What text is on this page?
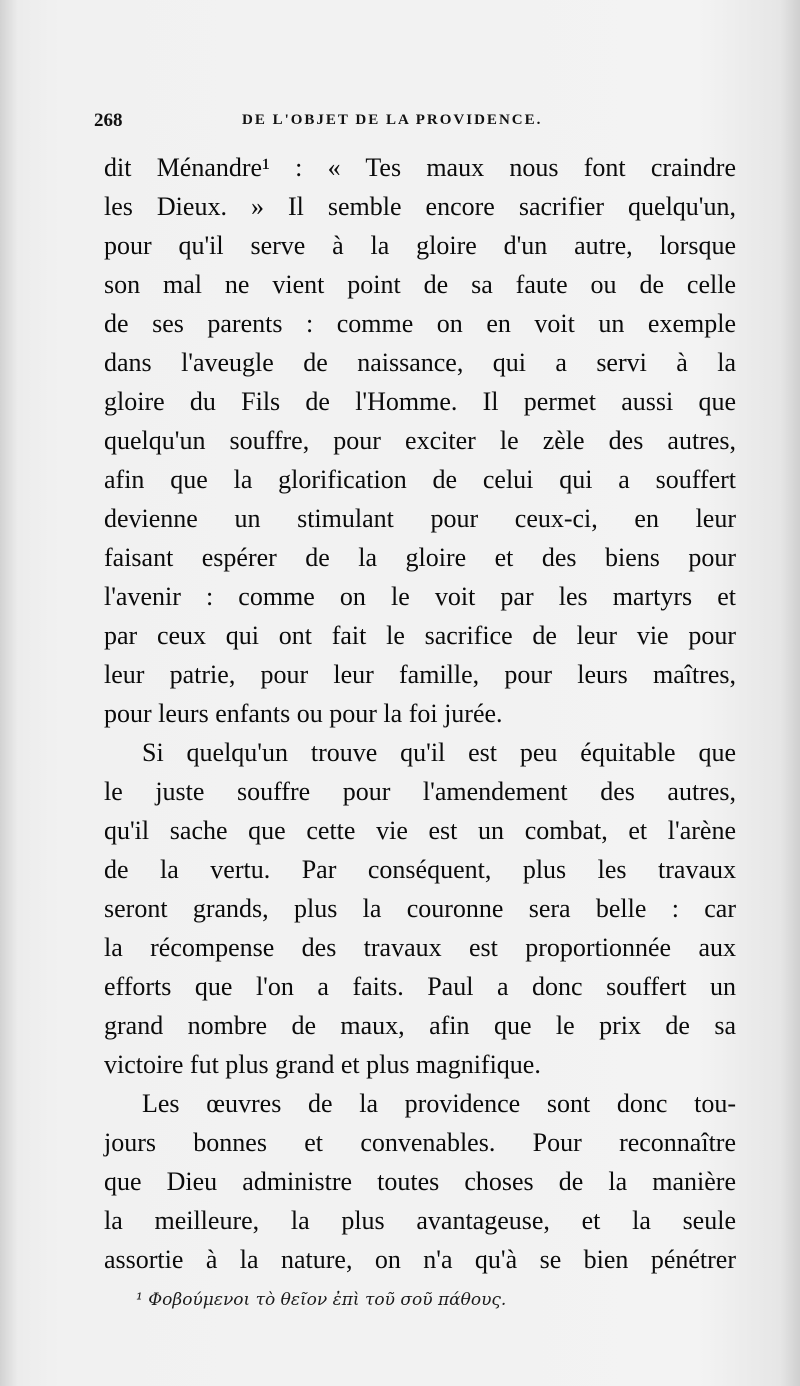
268	DE L'OBJET DE LA PROVIDENCE.
dit Ménandre¹ : « Tes maux nous font craindre
les Dieux. » Il semble encore sacrifier quelqu'un,
pour qu'il serve à la gloire d'un autre, lorsque
son mal ne vient point de sa faute ou de celle
de ses parents : comme on en voit un exemple
dans l'aveugle de naissance, qui a servi à la
gloire du Fils de l'Homme. Il permet aussi que
quelqu'un souffre, pour exciter le zèle des autres,
afin que la glorification de celui qui a souffert
devienne un stimulant pour ceux-ci, en leur
faisant espérer de la gloire et des biens pour
l'avenir : comme on le voit par les martyrs et
par ceux qui ont fait le sacrifice de leur vie pour
leur patrie, pour leur famille, pour leurs maîtres,
pour leurs enfants ou pour la foi jurée.
Si quelqu'un trouve qu'il est peu équitable que
le juste souffre pour l'amendement des autres,
qu'il sache que cette vie est un combat, et l'arène
de la vertu. Par conséquent, plus les travaux
seront grands, plus la couronne sera belle : car
la récompense des travaux est proportionnée aux
efforts que l'on a faits. Paul a donc souffert un
grand nombre de maux, afin que le prix de sa
victoire fut plus grand et plus magnifique.
Les œuvres de la providence sont donc tou-
jours bonnes et convenables. Pour reconnaître
que Dieu administre toutes choses de la manière
la meilleure, la plus avantageuse, et la seule
assortie à la nature, on n'a qu'à se bien pénétrer
¹ Φοβούμενοι τὸ θεῖον ἐπὶ τοῦ σοῦ πάθους.
